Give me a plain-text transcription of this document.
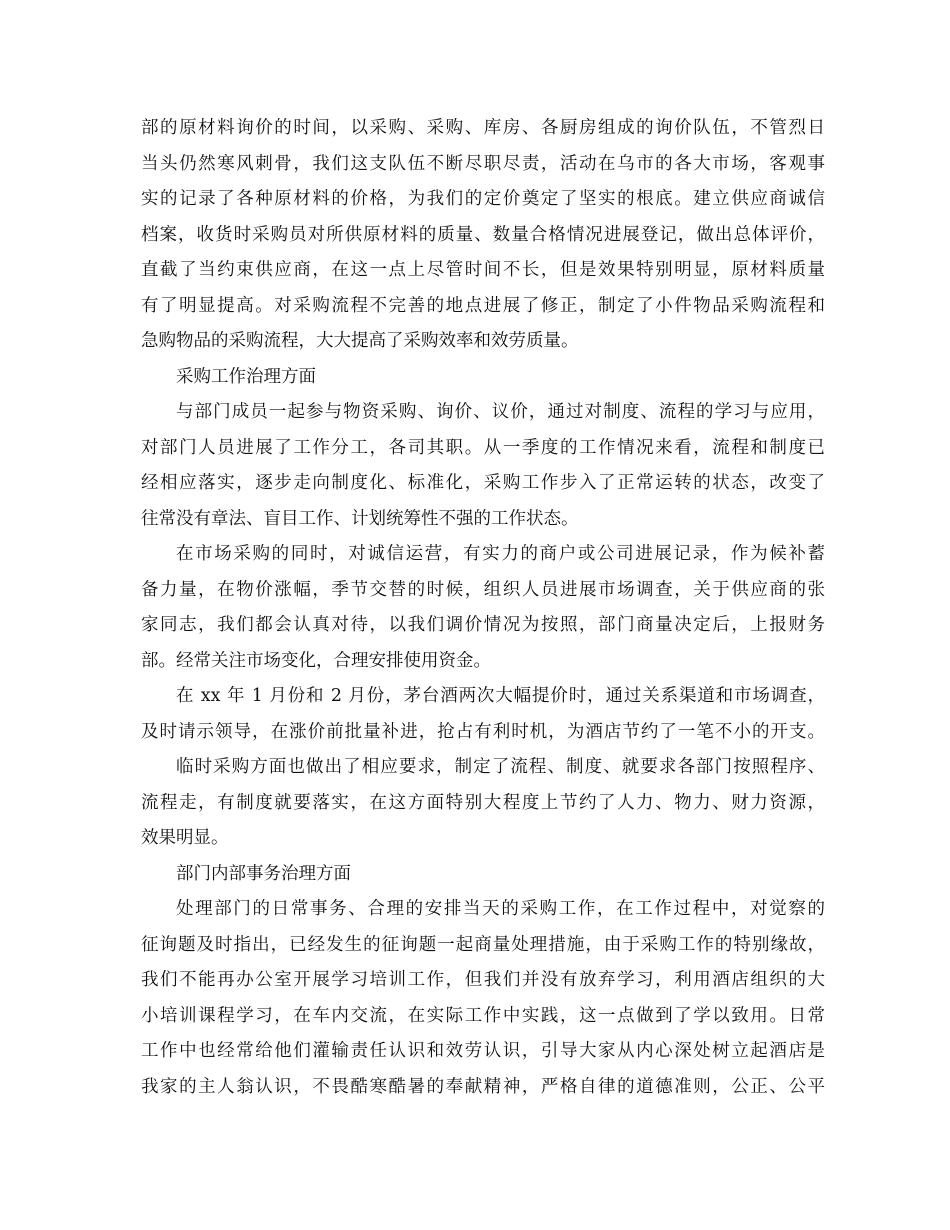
部的原材料询价的时间，以采购、采购、库房、各厨房组成的询价队伍，不管烈日
当头仍然寒风刺骨，我们这支队伍不断尽职尽责，活动在乌市的各大市场，客观事
实的记录了各种原材料的价格，为我们的定价奠定了坚实的根底。建立供应商诚信
档案，收货时采购员对所供原材料的质量、数量合格情况进展登记，做出总体评价，
直截了当约束供应商，在这一点上尽管时间不长，但是效果特别明显，原材料质量
有了明显提高。对采购流程不完善的地点进展了修正，制定了小件物品采购流程和
急购物品的采购流程，大大提高了采购效率和效劳质量。
采购工作治理方面
与部门成员一起参与物资采购、询价、议价，通过对制度、流程的学习与应用，
对部门人员进展了工作分工，各司其职。从一季度的工作情况来看，流程和制度已
经相应落实，逐步走向制度化、标准化，采购工作步入了正常运转的状态，改变了
往常没有章法、盲目工作、计划统筹性不强的工作状态。
在市场采购的同时，对诚信运营，有实力的商户或公司进展记录，作为候补蓄
备力量，在物价涨幅，季节交替的时候，组织人员进展市场调查，关于供应商的张
家同志，我们都会认真对待，以我们调价情况为按照，部门商量决定后，上报财务
部。经常关注市场变化，合理安排使用资金。
在 xx 年 1 月份和 2 月份，茅台酒两次大幅提价时，通过关系渠道和市场调查，
及时请示领导，在涨价前批量补进，抢占有利时机，为酒店节约了一笔不小的开支。
临时采购方面也做出了相应要求，制定了流程、制度、就要求各部门按照程序、
流程走，有制度就要落实，在这方面特别大程度上节约了人力、物力、财力资源，
效果明显。
部门内部事务治理方面
处理部门的日常事务、合理的安排当天的采购工作，在工作过程中，对觉察的
征询题及时指出，已经发生的征询题一起商量处理措施，由于采购工作的特别缘故，
我们不能再办公室开展学习培训工作，但我们并没有放弃学习，利用酒店组织的大
小培训课程学习，在车内交流，在实际工作中实践，这一点做到了学以致用。日常
工作中也经常给他们灌输责任认识和效劳认识，引导大家从内心深处树立起酒店是
我家的主人翁认识，不畏酷寒酷暑的奉献精神，严格自律的道德准则，公正、公平
